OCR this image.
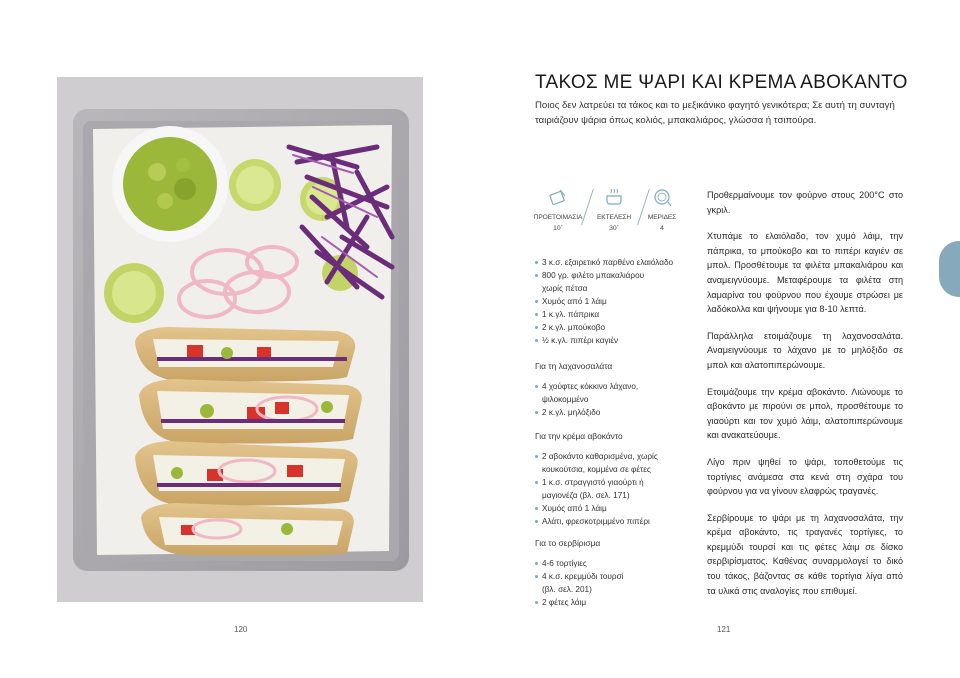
120
ΤΑΚΟΣ ΜΕ ΨΑΡΙ ΚΑΙ ΚΡΕΜΑ ΑΒΟΚΑΝΤΟ
Ποιος δεν λατρεύει τα τάκος και το μεξικάνικο φαγητό γενικότερα; Σε αυτή τη συνταγή ταιριάζουν ψάρια όπως κολιός, μπακαλιάρος, γλώσσα ή τσιπούρα.
ΠΡΟΕΤΟΙΜΑΣΙΑ
10΄
ΕΚΤΕΛΕΣΗ
30΄
ΜΕΡΙΔΕΣ
4
3 κ.σ. εξαιρετικό παρθένο ελαιόλαδο
800 γρ. φιλέτο μπακαλιάρου
χωρίς πέτσα
Χυμός από 1 λάιμ
1 κ.γλ. πάπρικα
2 κ.γλ. μπούκοβο
½ κ.γλ. πιπέρι καγιέν
Για τη λαχανοσαλάτα
4 χούφτες κόκκινο λάχανο,
ψιλοκομμένο
2 κ.γλ. μηλόξιδο
Για την κρέμα αβοκάντο
2 αβοκάντο καθαρισμένα, χωρίς
κουκούτσια, κομμένα σε φέτες
1 κ.σ. στραγγιστό γιαούρτι ή
μαγιονέζα (βλ. σελ. 171)
Χυμός από 1 λάιμ
Αλάτι, φρεσκοτριμμένο πιπέρι
Για το σερβίρισμα
4-6 τορτίγιες
4 κ.σ. κρεμμύδι τουρσί
(βλ. σελ. 201)
2 φέτες λάιμ

Προθερμαίνουμε τον φούρνο στους 200°C στο γκριλ.

Χτυπάμε το ελαιόλαδο, τον χυμό λάιμ, την πάπρικα, το μπούκοβο και το πιπέρι καγιέν σε μπολ. Προσθέτουμε τα φιλέτα μπακαλιάρου και αναμειγνύουμε. Μεταφέρουμε τα φιλέτα στη λαμαρίνα του φούρνου που έχουμε στρώσει με λαδόκολλα και ψήνουμε για 8-10 λεπτά.

Παράλληλα ετοιμάζουμε τη λαχανοσαλάτα. Αναμειγνύουμε το λάχανο με το μηλόξιδο σε μπολ και αλατοπιπερώνουμε.

Ετοιμάζουμε την κρέμα αβοκάντο. Λιώνουμε το αβοκάντο με πιρούνι σε μπολ, προσθέτουμε το γιαούρτι και τον χυμό λάιμ, αλατοπιπερώνουμε και ανακατεύουμε.

Λίγο πριν ψηθεί το ψάρι, τοποθετούμε τις τορτίγιες ανάμεσα στα κενά στη σχάρα του φούρνου για να γίνουν ελαφρώς τραγανές.

Σερβίρουμε το ψάρι με τη λαχανοσαλάτα, την κρέμα αβοκάντο, τις τραγανές τορτίγιες, το κρεμμύδι τουρσί και τις φέτες λάιμ σε δίσκο σερβιρίσματος. Καθένας συναρμολογεί το δικό του τάκος, βάζοντας σε κάθε τορτίγια λίγα από τα υλικά στις αναλογίες που επιθυμεί.

121
